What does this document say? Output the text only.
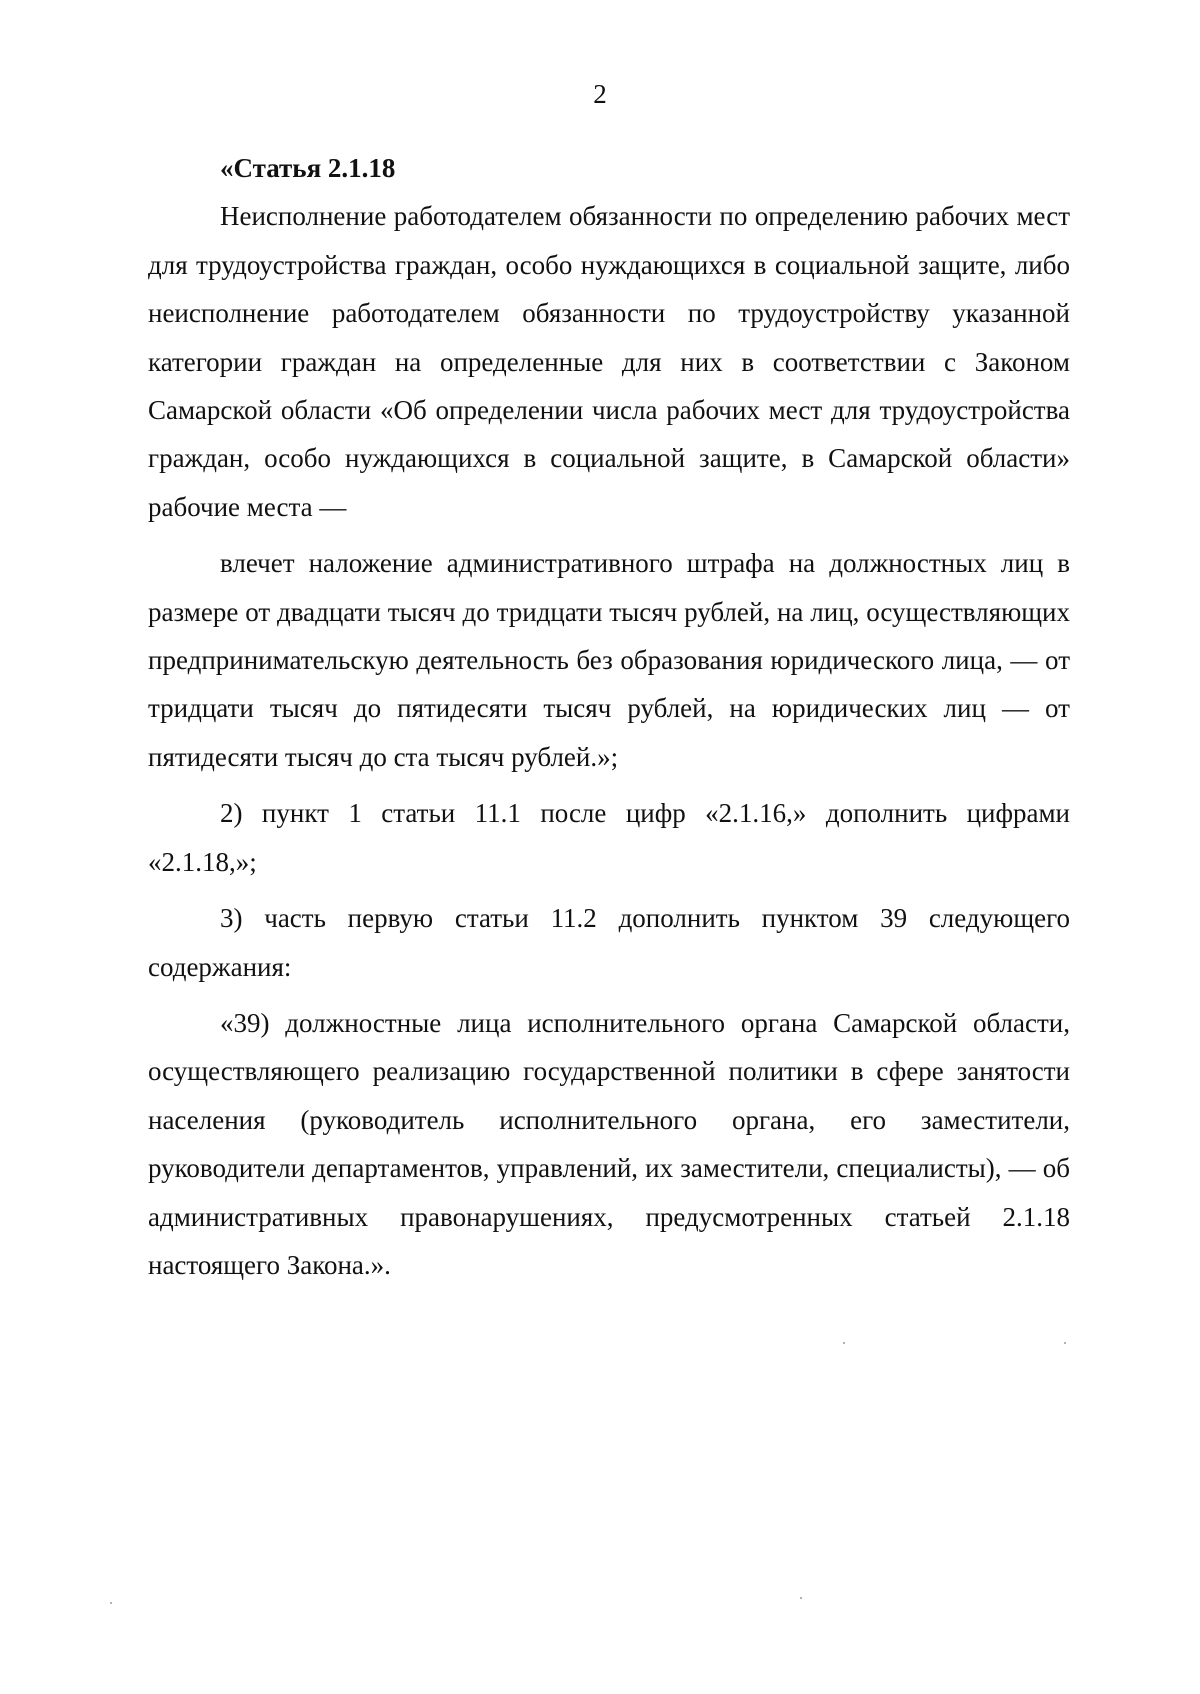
2

«Статья 2.1.18

Неисполнение работодателем обязанности по определению рабочих мест для трудоустройства граждан, особо нуждающихся в социальной защите, либо неисполнение работодателем обязанности по трудоустройству указанной категории граждан на определенные для них в соответствии с Законом Самарской области «Об определении числа рабочих мест для трудоустройства граждан, особо нуждающихся в социальной защите, в Самарской области» рабочие места —

влечет наложение административного штрафа на должностных лиц в размере от двадцати тысяч до тридцати тысяч рублей, на лиц, осуществляющих предпринимательскую деятельность без образования юридического лица, — от тридцати тысяч до пятидесяти тысяч рублей, на юридических лиц — от пятидесяти тысяч до ста тысяч рублей.»;

2) пункт 1 статьи 11.1 после цифр «2.1.16,» дополнить цифрами «2.1.18,»;

3) часть первую статьи 11.2 дополнить пунктом 39 следующего содержания:

«39) должностные лица исполнительного органа Самарской области, осуществляющего реализацию государственной политики в сфере занятости населения (руководитель исполнительного органа, его заместители, руководители департаментов, управлений, их заместители, специалисты), — об административных правонарушениях, предусмотренных статьей 2.1.18 настоящего Закона.».
